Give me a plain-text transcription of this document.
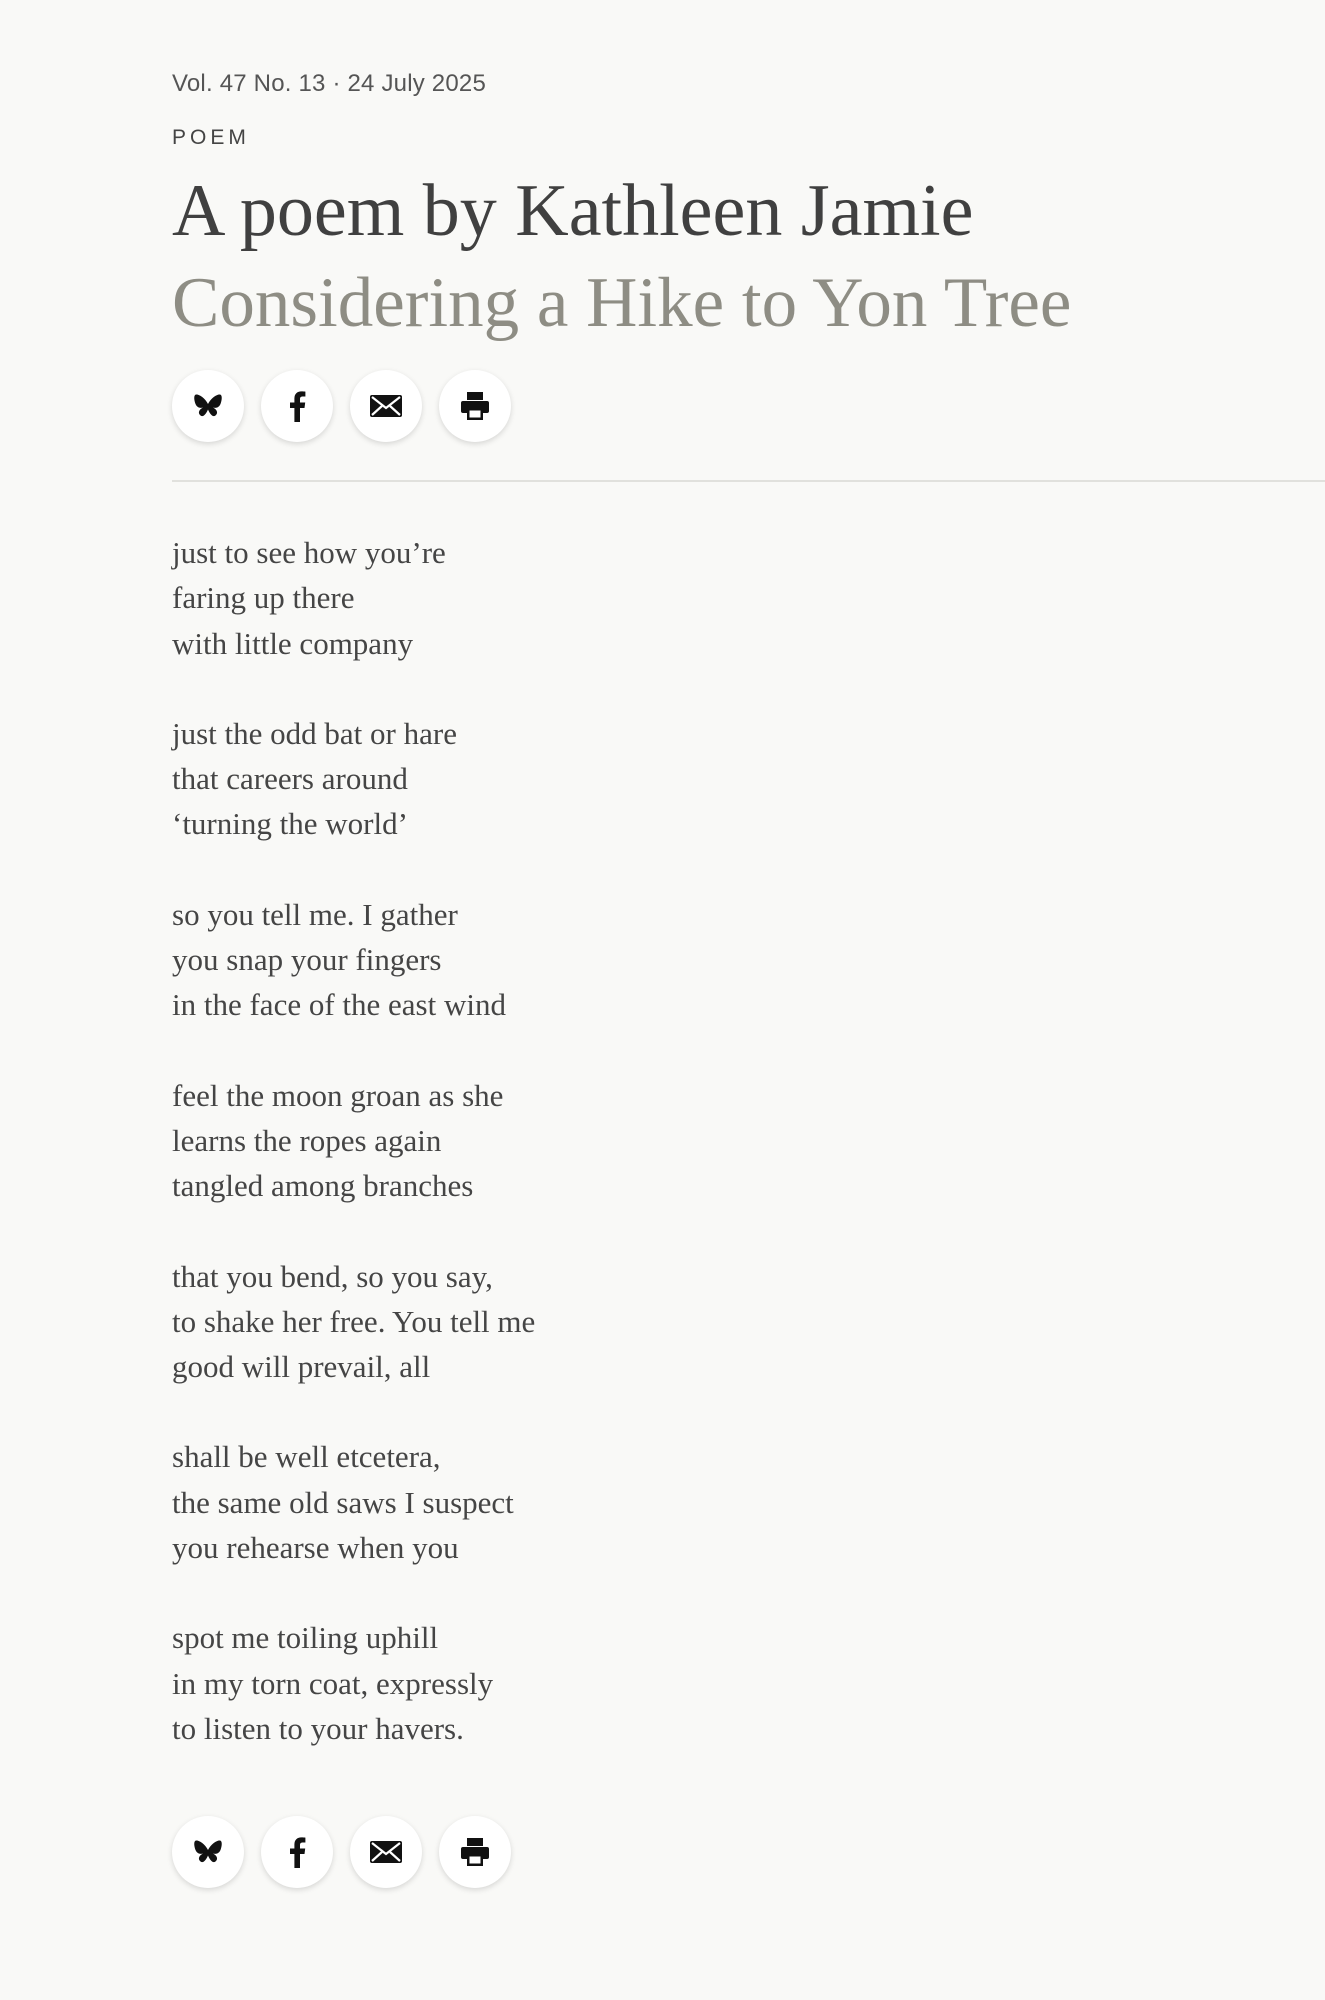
Vol. 47 No. 13 · 24 July 2025
POEM
A poem by Kathleen Jamie
Considering a Hike to Yon Tree
just to see how you’re
faring up there
with little company
just the odd bat or hare
that careers around
‘turning the world’
so you tell me. I gather
you snap your fingers
in the face of the east wind
feel the moon groan as she
learns the ropes again
tangled among branches
that you bend, so you say,
to shake her free. You tell me
good will prevail, all
shall be well etcetera,
the same old saws I suspect
you rehearse when you
spot me toiling uphill
in my torn coat, expressly
to listen to your havers.
